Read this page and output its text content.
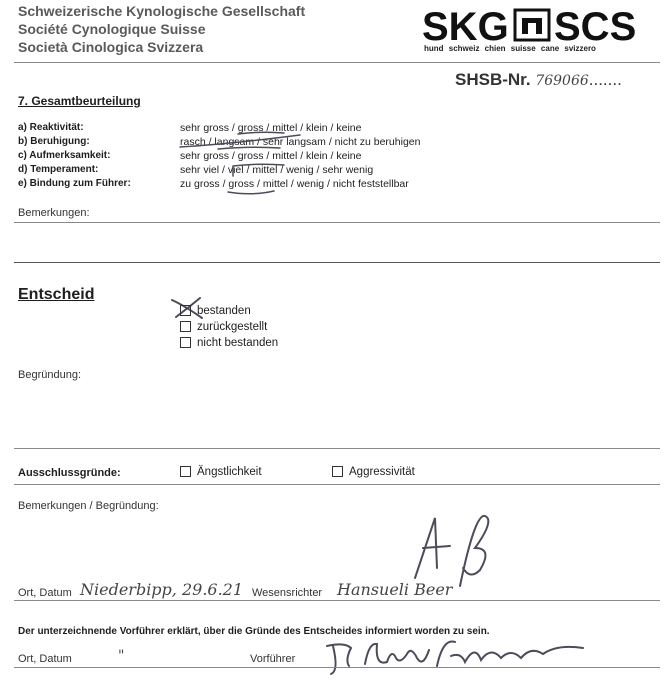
Schweizerische Kynologische Gesellschaft
Société Cynologique Suisse
Società Cinologica Svizzera	SKG SCS
hund schweiz chien suisse cane svizzero
SHSB-Nr. 769066.......
7. Gesamtbeurteilung
a) Reaktivität:	sehr gross / gross / mittel / klein / keine
b) Beruhigung:	rasch / langsam / sehr langsam / nicht zu beruhigen
c) Aufmerksamkeit:	sehr gross / gross / mittel / klein / keine
d) Temperament:	sehr viel / viel / mittel / wenig / sehr wenig
e) Bindung zum Führer:	zu gross / gross / mittel / wenig / nicht feststellbar
Bemerkungen:
Entscheid
bestanden
zurückgestellt
nicht bestanden
Begründung:
Ausschlussgründe:	Ängstlichkeit	Aggressivität
Bemerkungen / Begründung:
Ort, Datum Niederbipp, 29.6.21 Wesensrichter Hansueli Beer
Der unterzeichnende Vorführer erklärt, über die Gründe des Entscheides informiert worden zu sein.
Ort, Datum	"	Vorführer
